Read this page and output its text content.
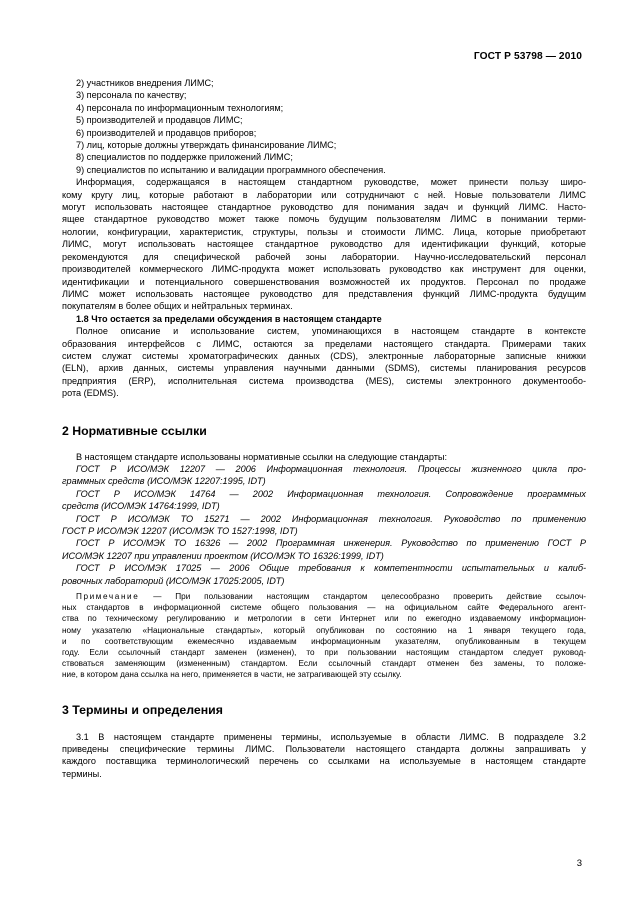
ГОСТ Р 53798 — 2010

2) участников внедрения ЛИМС;

3) персонала по качеству;

4) персонала по информационным технологиям;

5) производителей и продавцов ЛИМС;

6) производителей и продавцов приборов;

7) лиц, которые должны утверждать финансирование ЛИМС;

8) специалистов по поддержке приложений ЛИМС;

9) специалистов по испытанию и валидации программного обеспечения.

Информация, содержащаяся в настоящем стандартном руководстве, может принести пользу широ-

кому кругу лиц, которые работают в лаборатории или сотрудничают с ней. Новые пользователи ЛИМС

могут использовать настоящее стандартное руководство для понимания задач и функций ЛИМС. Насто-

ящее стандартное руководство может также помочь будущим пользователям ЛИМС в понимании терми-

нологии, конфигурации, характеристик, структуры, пользы и стоимости ЛИМС. Лица, которые приобретают

ЛИМС, могут использовать настоящее стандартное руководство для идентификации функций, которые

рекомендуются для специфической рабочей зоны лаборатории. Научно-исследовательский персонал

производителей коммерческого ЛИМС-продукта может использовать руководство как инструмент для оценки,

идентификации и потенциального совершенствования возможностей их продуктов. Персонал по продаже

ЛИМС может использовать настоящее руководство для представления функций ЛИМС-продукта будущим

покупателям в более общих и нейтральных терминах.

1.8 Что остается за пределами обсуждения в настоящем стандарте

Полное описание и использование систем, упоминающихся в настоящем стандарте в контексте

образования интерфейсов с ЛИМС, остаются за пределами настоящего стандарта. Примерами таких

систем служат системы хроматографических данных (CDS), электронные лабораторные записные книжки

(ELN), архив данных, системы управления научными данными (SDMS), системы планирования ресурсов

предприятия (ERP), исполнительная система производства (MES), системы электронного документообо-

рота (EDMS).

2 Нормативные ссылки

В настоящем стандарте использованы нормативные ссылки на следующие стандарты:

ГОСТ Р ИСО/МЭК 12207 — 2006 Информационная технология. Процессы жизненного цикла про-

граммных средств (ИСО/МЭК 12207:1995, IDT)

ГОСТ Р ИСО/МЭК 14764 — 2002 Информационная технология. Сопровождение программных

средств (ИСО/МЭК 14764:1999, IDT)

ГОСТ Р ИСО/МЭК ТО 15271 — 2002 Информационная технология. Руководство по применению

ГОСТ Р ИСО/МЭК 12207 (ИСО/МЭК ТО 1527:1998, IDT)

ГОСТ Р ИСО/МЭК ТО 16326 — 2002 Программная инженерия. Руководство по применению ГОСТ Р

ИСО/МЭК 12207 при управлении проектом (ИСО/МЭК ТО 16326:1999, IDT)

ГОСТ Р ИСО/МЭК 17025 — 2006 Общие требования к компетентности испытательных и калиб-

ровочных лабораторий (ИСО/МЭК 17025:2005, IDT)

Примечание — При пользовании настоящим стандартом целесообразно проверить действие ссылоч-

ных стандартов в информационной системе общего пользования — на официальном сайте Федерального агент-

ства по техническому регулированию и метрологии в сети Интернет или по ежегодно издаваемому информацион-

ному указателю «Национальные стандарты», который опубликован по состоянию на 1 января текущего года,

и по соответствующим ежемесячно издаваемым информационным указателям, опубликованным в текущем

году. Если ссылочный стандарт заменен (изменен), то при пользовании настоящим стандартом следует руковод-

ствоваться заменяющим (измененным) стандартом. Если ссылочный стандарт отменен без замены, то положе-

ние, в котором дана ссылка на него, применяется в части, не затрагивающей эту ссылку.

3 Термины и определения

3.1 В настоящем стандарте применены термины, используемые в области ЛИМС. В подразделе 3.2

приведены специфические термины ЛИМС. Пользователи настоящего стандарта должны запрашивать у

каждого поставщика терминологический перечень со ссылками на используемые в настоящем стандарте

термины.

3
